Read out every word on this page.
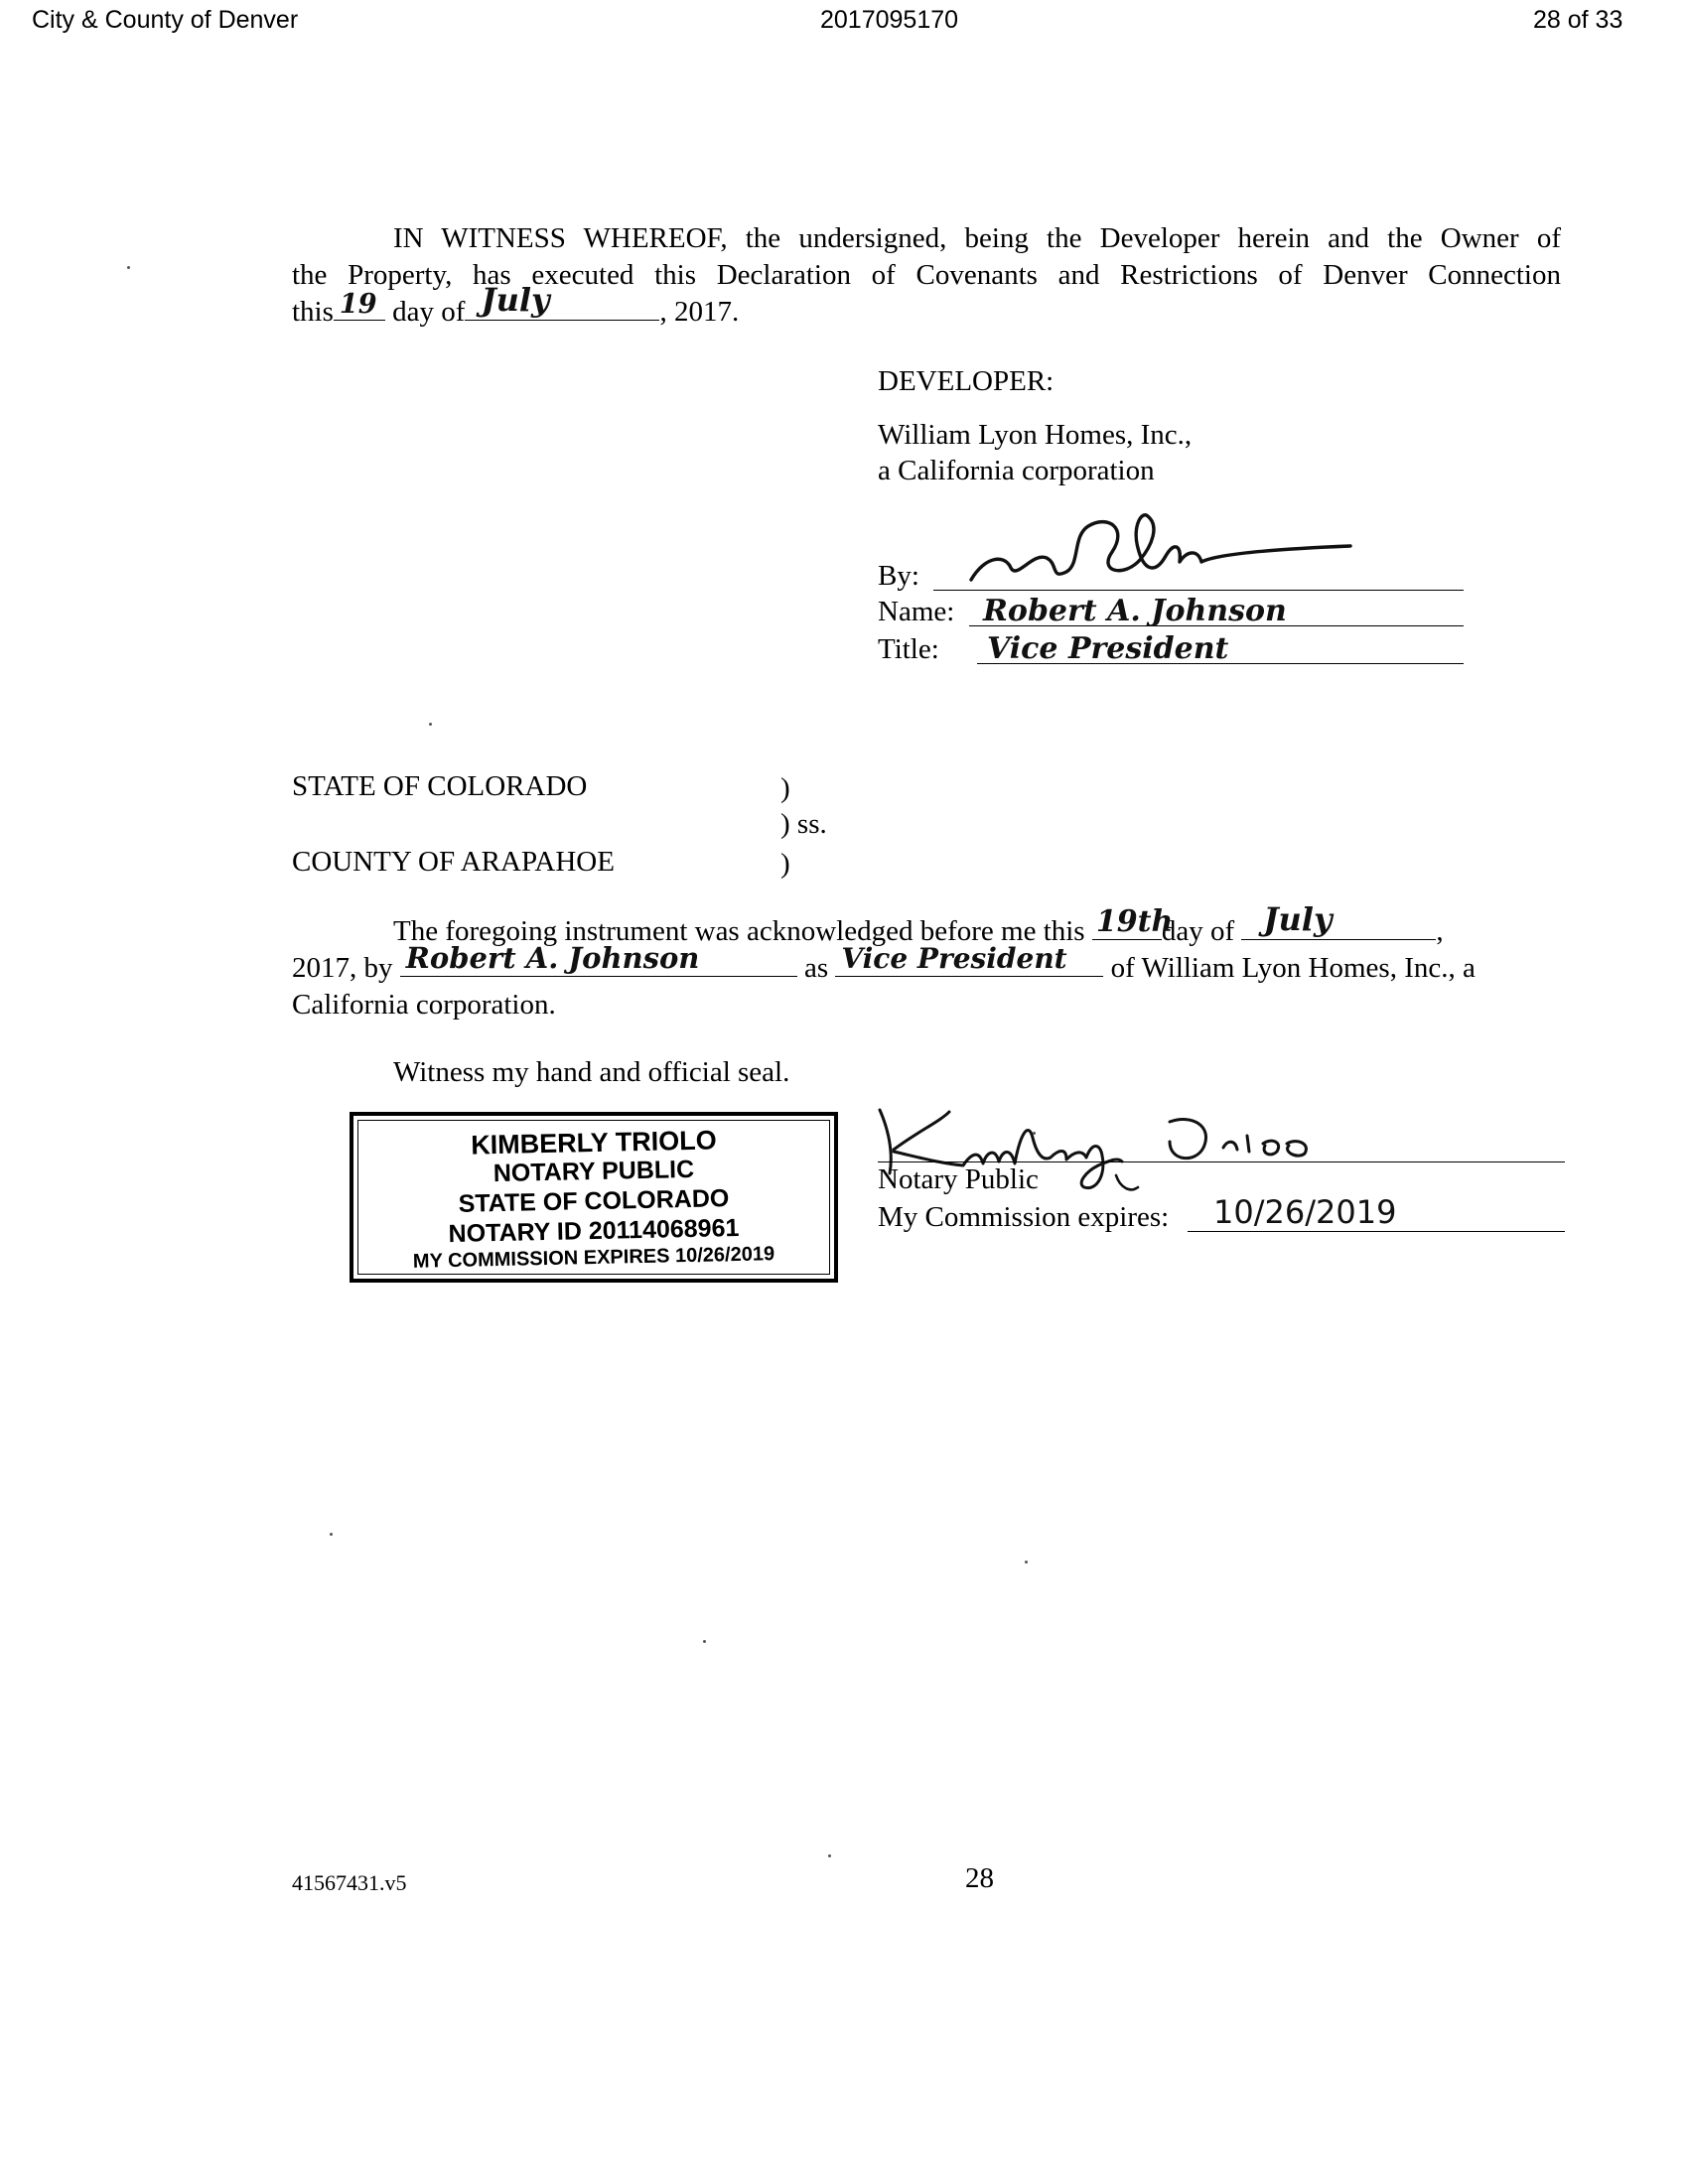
City & County of Denver	2017095170	28 of 33
IN WITNESS WHEREOF, the undersigned, being the Developer herein and the Owner of
the Property, has executed this Declaration of Covenants and Restrictions of Denver Connection
this 19 day of July	, 2017.
DEVELOPER:
William Lyon Homes, Inc.,
a California corporation
By:
Name: Robert A. Johnson
Title: Vice President
STATE OF COLORADO	)
) ss.
COUNTY OF ARAPAHOE	)
The foregoing instrument was acknowledged before me this 19th
day of July	,
2017, by Robert A. Johnson	as Vice President of William Lyon Homes, Inc., a
California corporation.
Witness my hand and official seal.
KIMBERLY TRIOLO
NOTARY PUBLIC
STATE OF COLORADO
NOTARY ID 20114068961
MY COMMISSION EXPIRES 10/26/2019
Notary Public
My Commission expires: 10/26/2019
41567431.v5	28
